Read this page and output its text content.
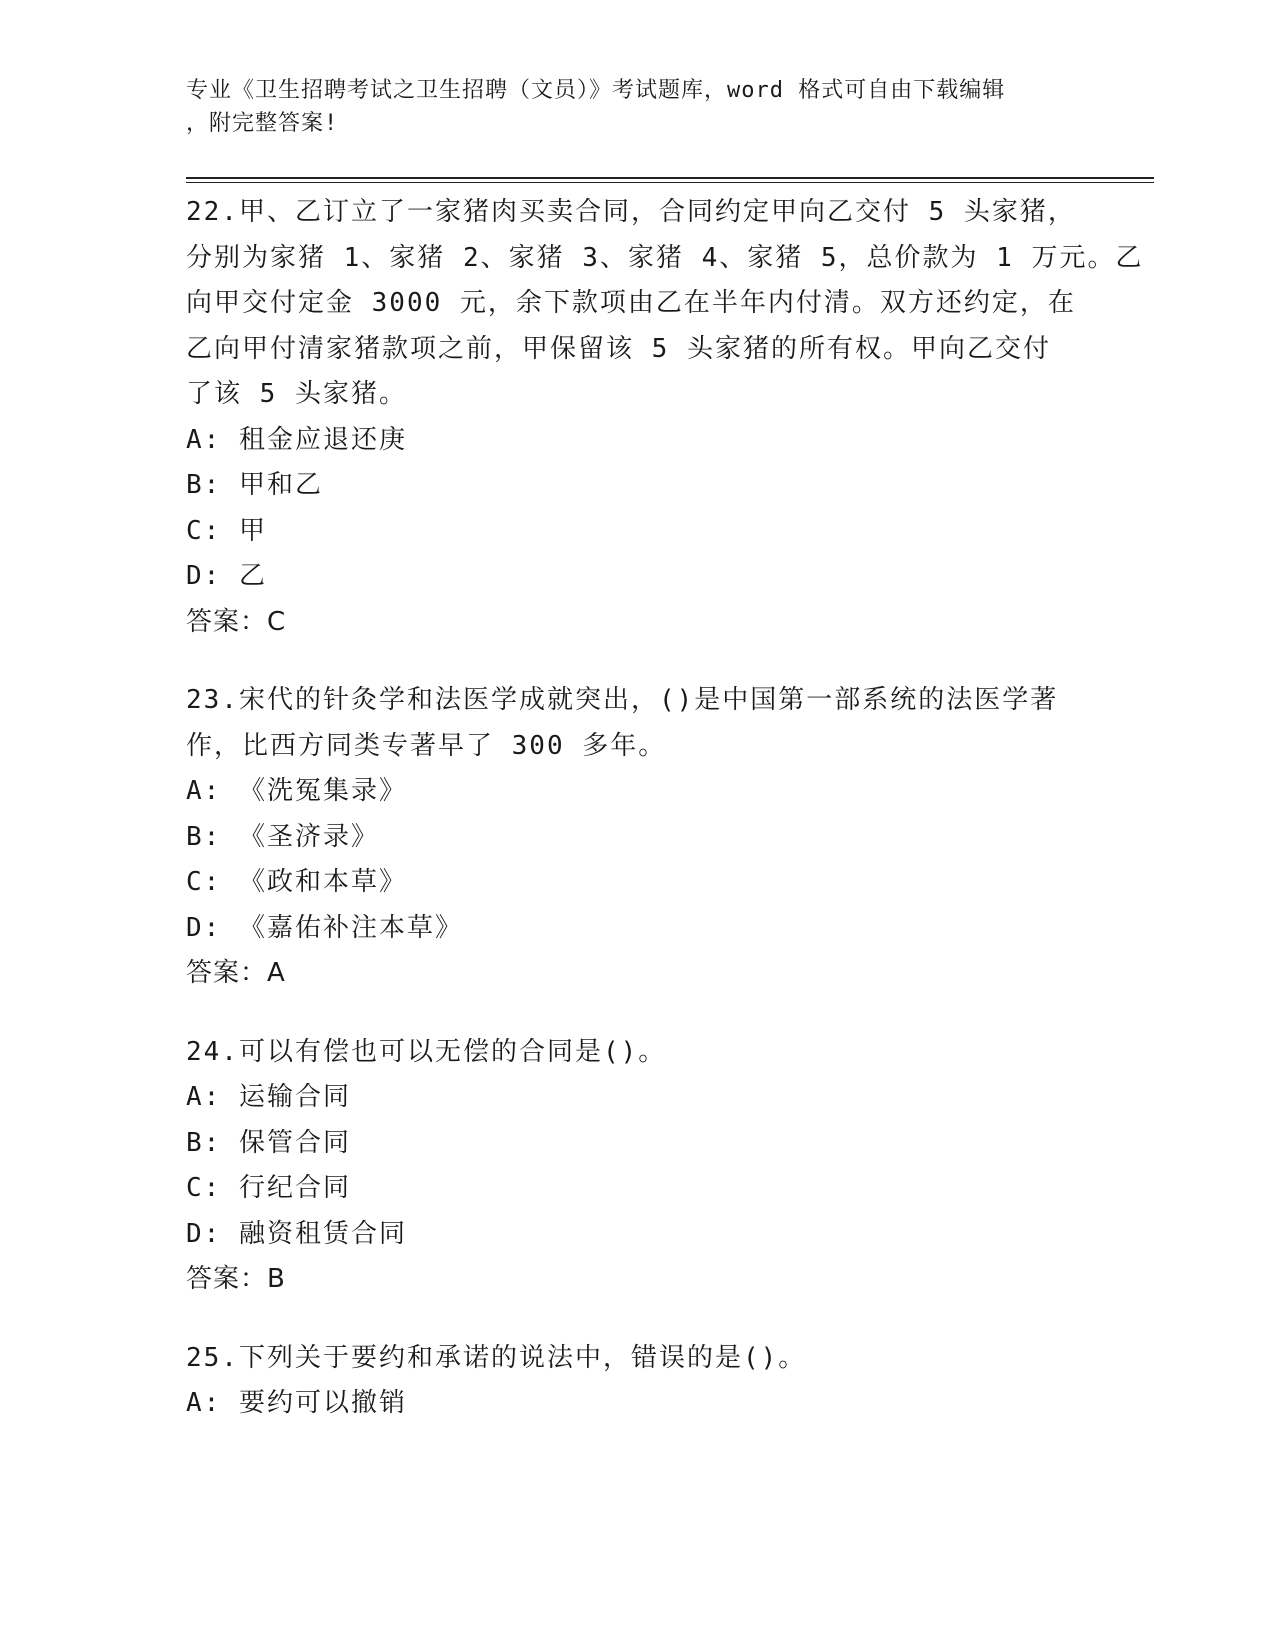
专业《卫生招聘考试之卫生招聘（文员）》考试题库，word 格式可自由下载编辑
，附完整答案!
22.甲、乙订立了一家猪肉买卖合同，合同约定甲向乙交付 5 头家猪，
分别为家猪 1、家猪 2、家猪 3、家猪 4、家猪 5，总价款为 1 万元。乙
向甲交付定金 3000 元，余下款项由乙在半年内付清。双方还约定，在
乙向甲付清家猪款项之前，甲保留该 5 头家猪的所有权。甲向乙交付
了该 5 头家猪。
A: 租金应退还庚
B: 甲和乙
C: 甲
D: 乙
答案：C
23.宋代的针灸学和法医学成就突出，()是中国第一部系统的法医学著
作，比西方同类专著早了 300 多年。
A: 《洗冤集录》
B: 《圣济录》
C: 《政和本草》
D: 《嘉佑补注本草》
答案：A
24.可以有偿也可以无偿的合同是()。
A: 运输合同
B: 保管合同
C: 行纪合同
D: 融资租赁合同
答案：B
25.下列关于要约和承诺的说法中，错误的是()。
A: 要约可以撤销
